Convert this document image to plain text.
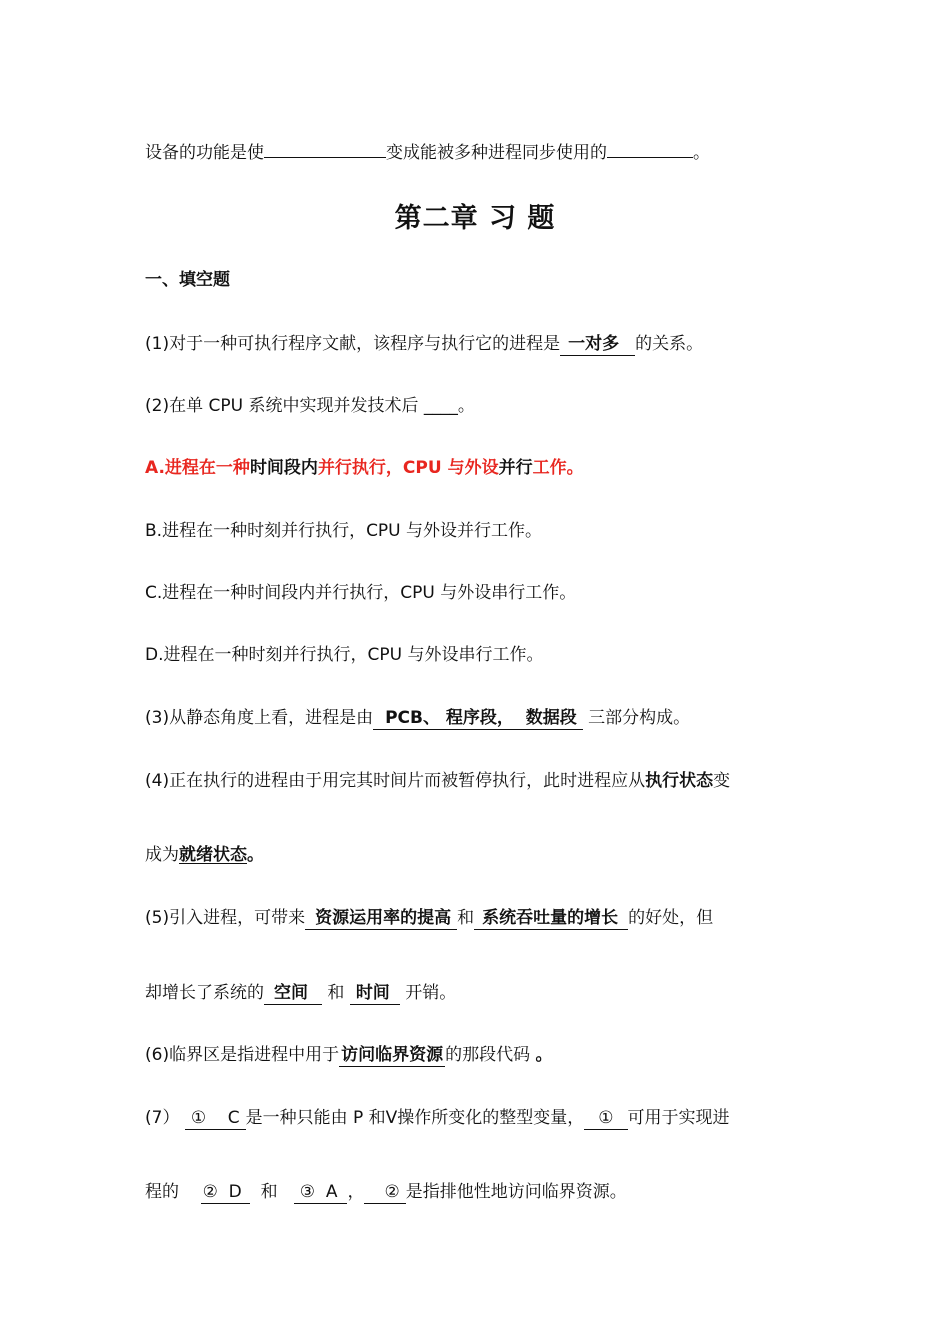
设备的功能是使	变成能被多种进程同步使用的	。
第二章 习 题
一、填空题
(1)对于一种可执行程序文献，该程序与执行它的进程是 一对多 的关系。
(2)在单 CPU 系统中实现并发技术后 ____。
A.进程在一种时间段内并行执行，CPU 与外设并行工作。
B.进程在一种时刻并行执行，CPU 与外设并行工作。
C.进程在一种时间段内并行执行，CPU 与外设串行工作。
D.进程在一种时刻并行执行，CPU 与外设串行工作。
(3)从静态角度上看，进程是由 PCB、 程序段，  数据段 三部分构成。
(4)正在执行的进程由于用完其时间片而被暂停执行，此时进程应从执行状态变
成为就绪状态。
(5)引入进程，可带来 资源运用率的提高 和 系统吞吐量的增长 的好处，但
却增长了系统的 空间 和 时间 开销。
(6)临界区是指进程中用于 访问临界资源 的那段代码 。
(7） ①    C 是一种只能由 P 和Ⅴ操作所变化的整型变量， ① 可用于实现进
程的 ②  D 和 ③  A ， ② 是指排他性地访问临界资源。
